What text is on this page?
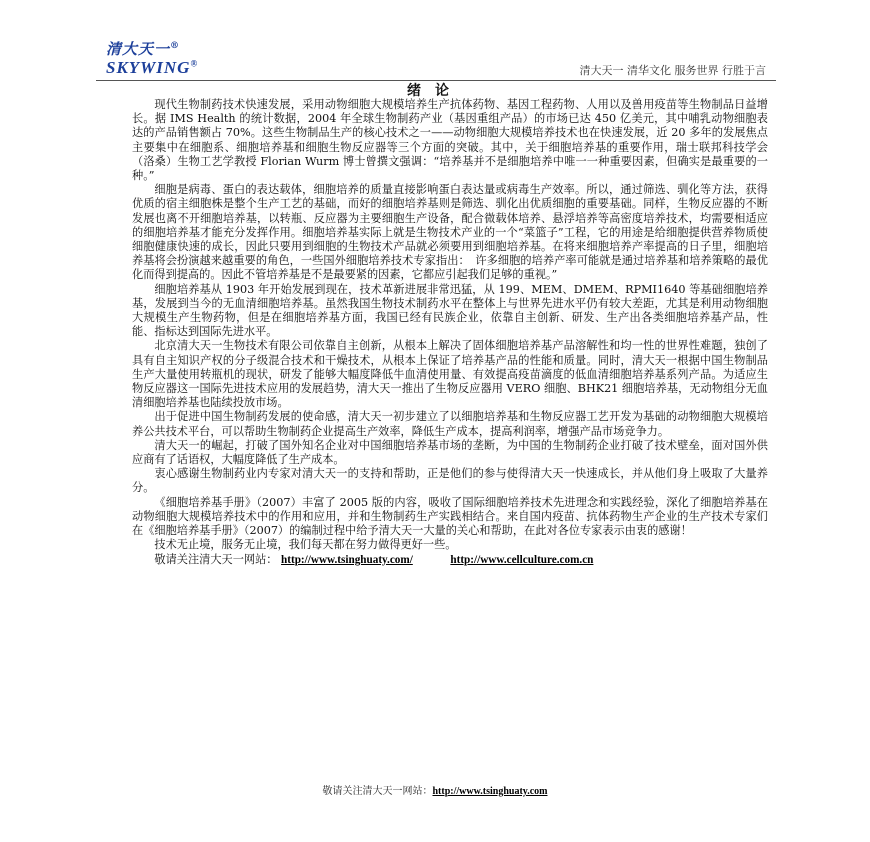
清大天一®
SKYWING®
清大天一 清华文化 服务世界 行胜于言
绪论

现代生物制药技术快速发展，采用动物细胞大规模培养生产抗体药物、基因工程药物、人用以及兽用疫苗等生物制品日益增长。据 IMS Health 的统计数据，2004 年全球生物制药产业（基因重组产品）的市场已达 450 亿美元，其中哺乳动物细胞表达的产品销售额占 70%。这些生物制品生产的核心技术之一——动物细胞大规模培养技术也在快速发展，近 20 多年的发展焦点主要集中在细胞系、细胞培养基和细胞生物反应器等三个方面的突破。其中，关于细胞培养基的重要作用，瑞士联邦科技学会（洛桑）生物工艺学教授 Florian Wurm 博士曾撰文强调：“培养基并不是细胞培养中唯一一种重要因素，但确实是最重要的一种。”

细胞是病毒、蛋白的表达载体，细胞培养的质量直接影响蛋白表达量或病毒生产效率。所以，通过筛选、驯化等方法，获得优质的宿主细胞株是整个生产工艺的基础，而好的细胞培养基则是筛选、驯化出优质细胞的重要基础。同样，生物反应器的不断发展也离不开细胞培养基，以转瓶、反应器为主要细胞生产设备，配合微载体培养、悬浮培养等高密度培养技术，均需要相适应的细胞培养基才能充分发挥作用。细胞培养基实际上就是生物技术产业的一个“菜篮子”工程，它的用途是给细胞提供营养物质使细胞健康快速的成长，因此只要用到细胞的生物技术产品就必须要用到细胞培养基。在将来细胞培养产率提高的日子里，细胞培养基将会扮演越来越重要的角色，一些国外细胞培养技术专家指出：　许多细胞的培养产率可能就是通过培养基和培养策略的最优化而得到提高的。因此不管培养基是不是最要紧的因素，它都应引起我们足够的重视。”

细胞培养基从 1903 年开始发展到现在，技术革新进展非常迅猛，从 199、MEM、DMEM、RPMI1640 等基础细胞培养基，发展到当今的无血清细胞培养基。虽然我国生物技术制药水平在整体上与世界先进水平仍有较大差距，尤其是利用动物细胞大规模生产生物药物，但是在细胞培养基方面，我国已经有民族企业，依靠自主创新、研发、生产出各类细胞培养基产品，性能、指标达到国际先进水平。

北京清大天一生物技术有限公司依靠自主创新，从根本上解决了固体细胞培养基产品溶解性和均一性的世界性难题，独创了具有自主知识产权的分子级混合技术和干燥技术，从根本上保证了培养基产品的性能和质量。同时，清大天一根据中国生物制品生产大量使用转瓶机的现状，研发了能够大幅度降低牛血清使用量、有效提高疫苗滴度的低血清细胞培养基系列产品。为适应生物反应器这一国际先进技术应用的发展趋势，清大天一推出了生物反应器用 VERO 细胞、BHK21 细胞培养基，无动物组分无血清细胞培养基也陆续投放市场。

出于促进中国生物制药发展的使命感，清大天一初步建立了以细胞培养基和生物反应器工艺开发为基础的动物细胞大规模培养公共技术平台，可以帮助生物制药企业提高生产效率，降低生产成本，提高利润率，增强产品市场竞争力。

清大天一的崛起，打破了国外知名企业对中国细胞培养基市场的垄断，为中国的生物制药企业打破了技术壁垒，面对国外供应商有了话语权，大幅度降低了生产成本。

衷心感谢生物制药业内专家对清大天一的支持和帮助，正是他们的参与使得清大天一快速成长，并从他们身上吸取了大量养分。

《细胞培养基手册》（2007）丰富了 2005 版的内容，吸收了国际细胞培养技术先进理念和实践经验，深化了细胞培养基在动物细胞大规模培养技术中的作用和应用，并和生物制药生产实践相结合。来自国内疫苗、抗体药物生产企业的生产技术专家们在《细胞培养基手册》（2007）的编制过程中给予清大天一大量的关心和帮助，在此对各位专家表示由衷的感谢！

技术无止境，服务无止境，我们每天都在努力做得更好一些。

敬请关注清大天一网站： http://www.tsinghuaty.com/	http://www.cellculture.com.cn
敬请关注清大天一网站：http://www.tsinghuaty.com
